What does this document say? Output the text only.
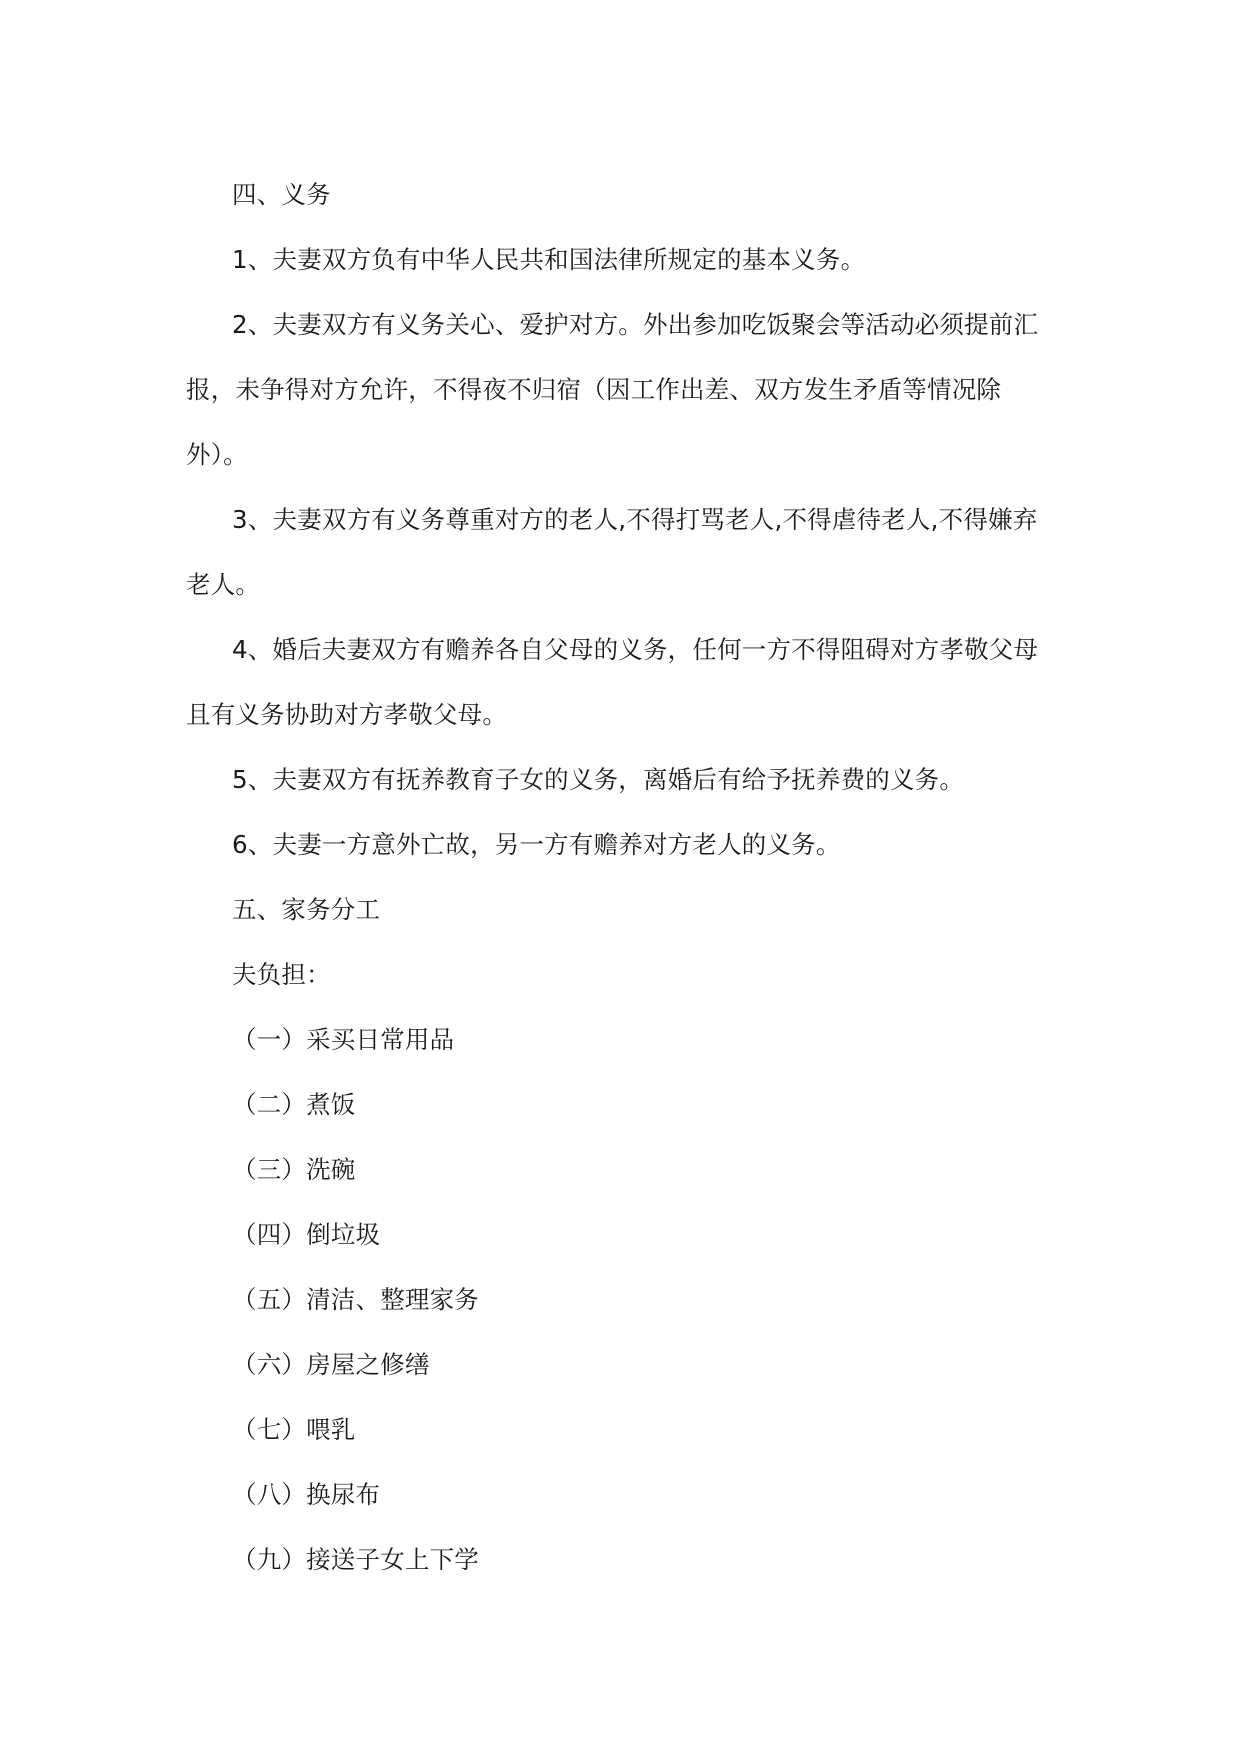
四、义务
1、夫妻双方负有中华人民共和国法律所规定的基本义务。
2、夫妻双方有义务关心、爱护对方。外出参加吃饭聚会等活动必须提前汇
报，未争得对方允许，不得夜不归宿（因工作出差、双方发生矛盾等情况除
外）。
3、夫妻双方有义务尊重对方的老人,不得打骂老人,不得虐待老人,不得嫌弃
老人。
4、婚后夫妻双方有赡养各自父母的义务，任何一方不得阻碍对方孝敬父母
且有义务协助对方孝敬父母。
5、夫妻双方有抚养教育子女的义务，离婚后有给予抚养费的义务。
6、夫妻一方意外亡故，另一方有赡养对方老人的义务。
五、家务分工
夫负担：
（一）采买日常用品
（二）煮饭
（三）洗碗
（四）倒垃圾
（五）清洁、整理家务
（六）房屋之修缮
（七）喂乳
（八）换尿布
（九）接送子女上下学
